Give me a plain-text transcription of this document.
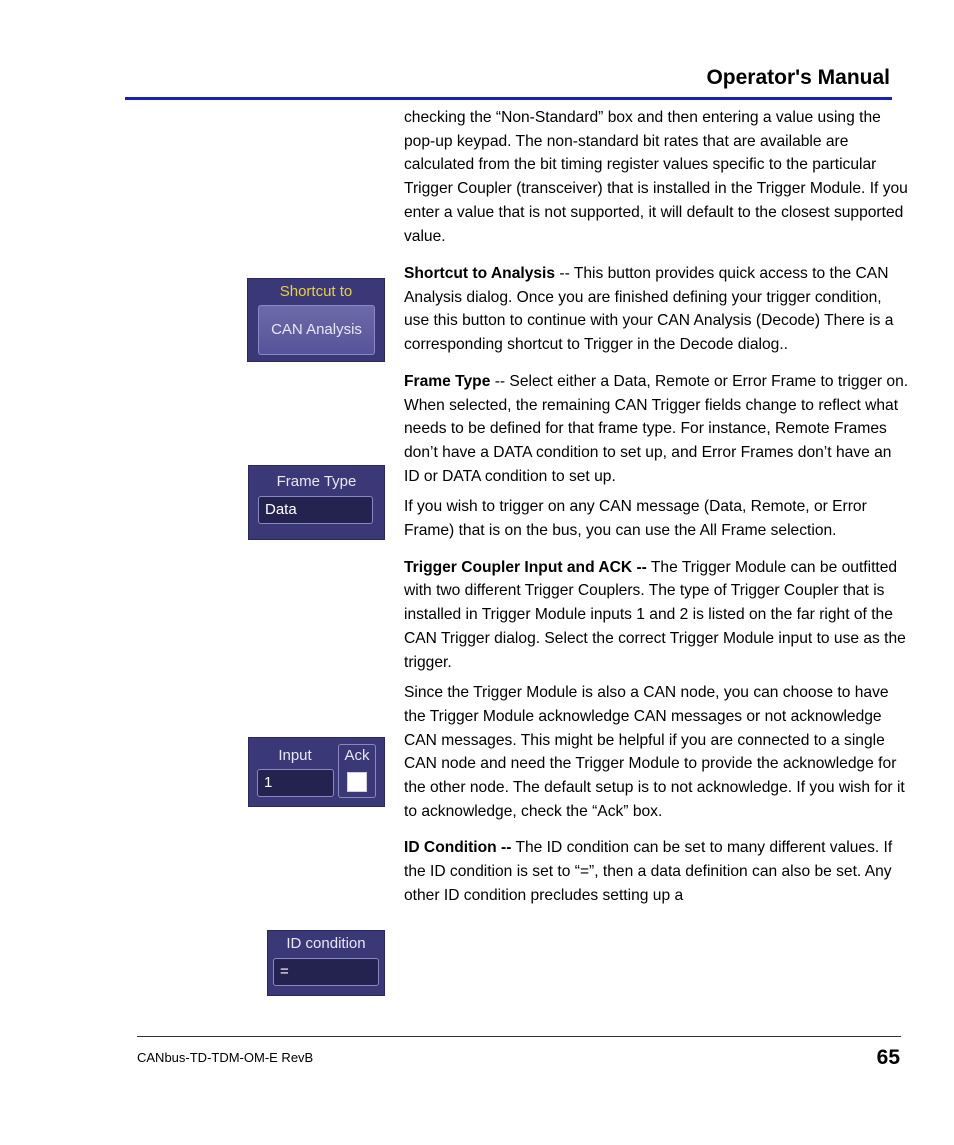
Operator's Manual

checking the “Non-Standard” box and then entering a value using the pop-up keypad. The non-standard bit rates that are available are calculated from the bit timing register values specific to the particular Trigger Coupler (transceiver) that is installed in the Trigger Module. If you enter a value that is not supported, it will default to the closest supported value.

Shortcut to Analysis -- This button provides quick access to the CAN Analysis dialog. Once you are finished defining your trigger condition, use this button to continue with your CAN Analysis (Decode) There is a corresponding shortcut to Trigger in the Decode dialog..

Frame Type -- Select either a Data, Remote or Error Frame to trigger on. When selected, the remaining CAN Trigger fields change to reflect what needs to be defined for that frame type. For instance, Remote Frames don’t have a DATA condition to set up, and Error Frames don’t have an ID or DATA condition to set up.

If you wish to trigger on any CAN message (Data, Remote, or Error Frame) that is on the bus, you can use the All Frame selection.

Trigger Coupler Input and ACK -- The Trigger Module can be outfitted with two different Trigger Couplers. The type of Trigger Coupler that is installed in Trigger Module inputs 1 and 2 is listed on the far right of the CAN Trigger dialog. Select the correct Trigger Module input to use as the trigger.

Since the Trigger Module is also a CAN node, you can choose to have the Trigger Module acknowledge CAN messages or not acknowledge CAN messages. This might be helpful if you are connected to a single CAN node and need the Trigger Module to provide the acknowledge for the other node. The default setup is to not acknowledge. If you wish for it to acknowledge, check the “Ack” box.

ID Condition -- The ID condition can be set to many different values. If the ID condition is set to “=”, then a data definition can also be set. Any other ID condition precludes setting up a

Shortcut to
CAN Analysis
Frame Type
Data
Input
1
Ack
ID condition
=
CANbus-TD-TDM-OM-E RevB	65
